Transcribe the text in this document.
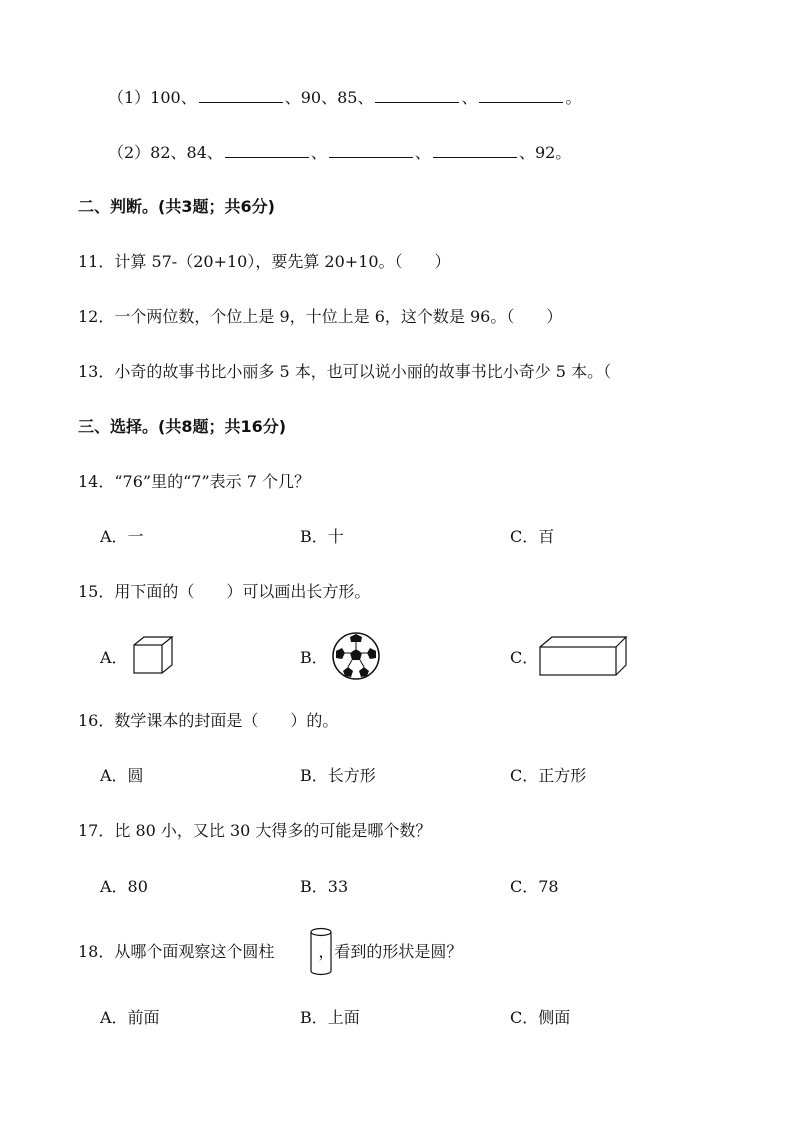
（1）100、	、90、85、	、	。
（2）82、84、	、	、	、92。
二、判断。(共3题；共6分)
11．计算 57-（20+10），要先算 20+10。（　　）
12．一个两位数，个位上是 9，十位上是 6，这个数是 96。（　　）
13．小奇的故事书比小丽多 5 本，也可以说小丽的故事书比小奇少 5 本。（
三、选择。(共8题；共16分)
14．“76”里的“7”表示 7 个几？
A．一	B．十	C．百
15．用下面的（　　）可以画出长方形。
A．	B．	C．
16．数学课本的封面是（　　）的。
A．圆	B．长方形	C．正方形
17．比 80 小，又比 30 大得多的可能是哪个数？
A．80	B．33	C．78
18．从哪个面观察这个圆柱	，看到的形状是圆？
A．前面	B．上面	C．侧面
